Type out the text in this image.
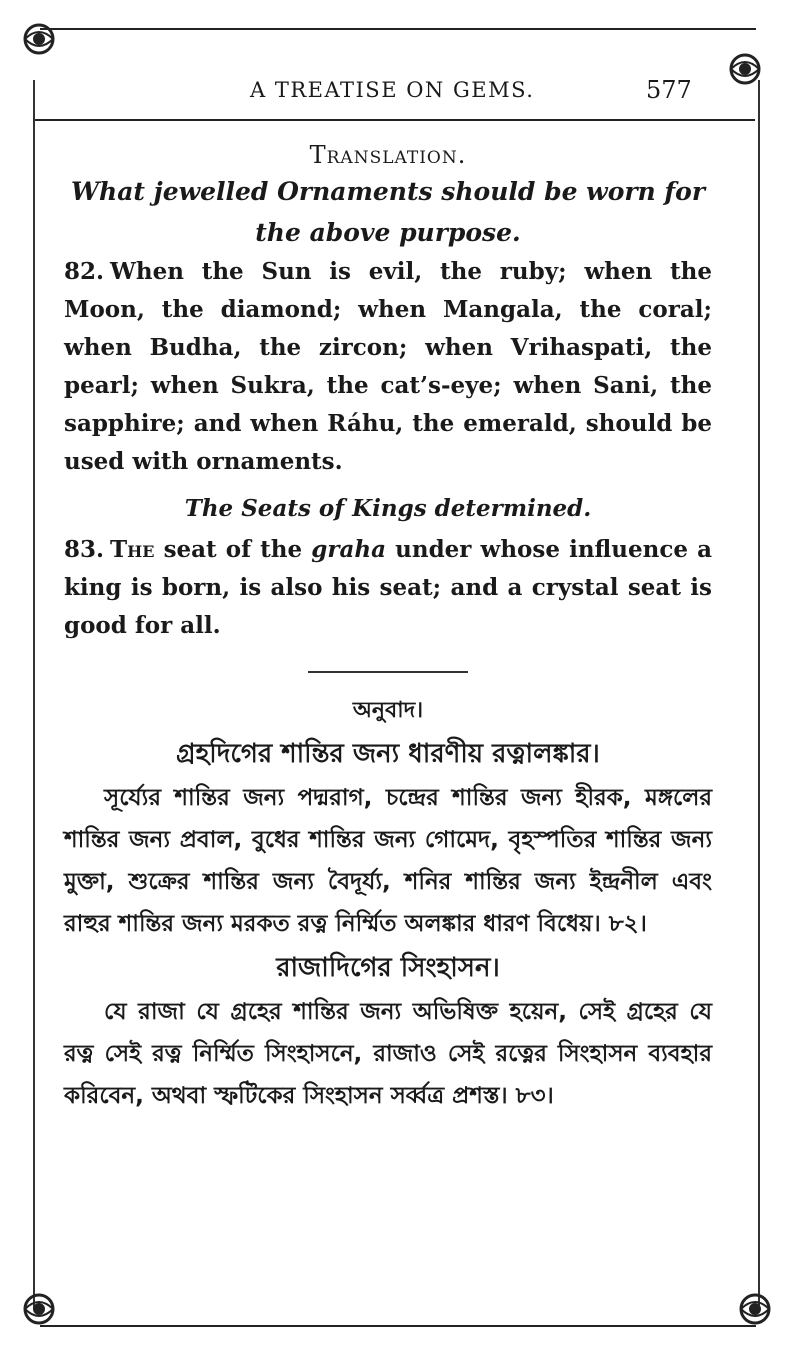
A TREATISE ON GEMS.	577
Translation.

What jewelled Ornaments should be worn for the above purpose.

82. When the Sun is evil, the ruby; when the Moon, the diamond; when Mangala, the coral; when Budha, the zircon; when Vrihaspati, the pearl; when Sukra, the cat’s-eye; when Sani, the sapphire; and when Ráhu, the emerald, should be used with ornaments.

The Seats of Kings determined.

83. The seat of the graha under whose influence a king is born, is also his seat; and a crystal seat is good for all.

অনুবাদ।

গ্রহদিগের শান্তির জন্য ধারণীয় রত্নালঙ্কার।

সূর্য্যের শান্তির জন্য পদ্মরাগ, চন্দ্রের শান্তির জন্য হীরক, মঙ্গলের শান্তির জন্য প্রবাল, বুধের শান্তির জন্য গোমেদ, বৃহস্পতির শান্তির জন্য মুক্তা, শুক্রের শান্তির জন্য বৈদূর্য্য, শনির শান্তির জন্য ইন্দ্রনীল এবং রাহুর শান্তির জন্য মরকত রত্ন নির্ম্মিত অলঙ্কার ধারণ বিধেয়। ৮২।

রাজাদিগের সিংহাসন।

যে রাজা যে গ্রহের শান্তির জন্য অভিষিক্ত হয়েন, সেই গ্রহের যে রত্ন সেই রত্ন নির্ম্মিত সিংহাসনে, রাজাও সেই রত্নের সিংহাসন ব্যবহার করিবেন, অথবা স্ফটিকের সিংহাসন সর্ব্বত্র প্রশস্ত। ৮৩।
